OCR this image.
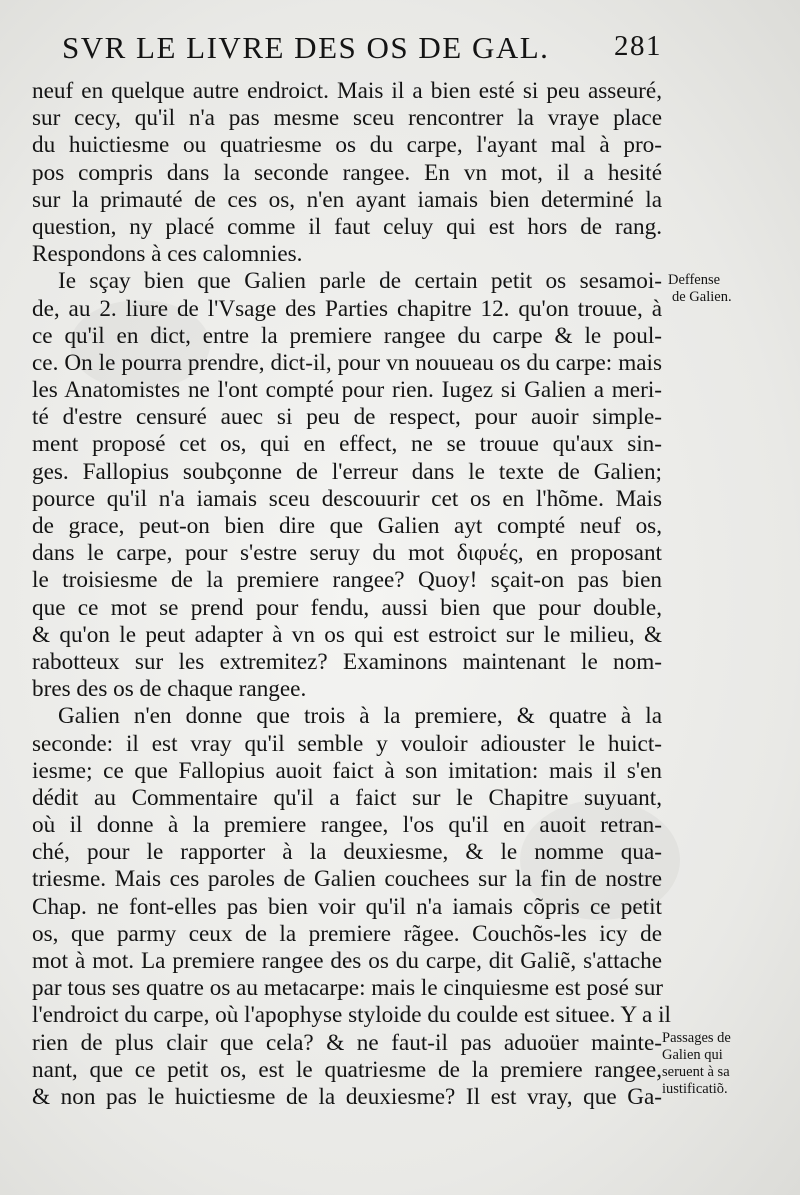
SVR LE LIVRE DES OS DE GAL. 281
neuf en quelque autre endroict. Mais il a bien esté si peu asseuré,
sur cecy, qu'il n'a pas mesme sceu rencontrer la vraye place
du huictiesme ou quatriesme os du carpe, l'ayant mal à pro-
pos compris dans la seconde rangee. En vn mot, il a hesité
sur la primauté de ces os, n'en ayant iamais bien determiné la
question, ny placé comme il faut celuy qui est hors de rang.
Respondons à ces calomnies.
Ie sçay bien que Galien parle de certain petit os sesamoi-
de, au 2. liure de l'Vsage des Parties chapitre 12. qu'on trouue, à
ce qu'il en dict, entre la premiere rangee du carpe & le poul-
ce. On le pourra prendre, dict-il, pour vn nouueau os du carpe: mais
les Anatomistes ne l'ont compté pour rien. Iugez si Galien a meri-
té d'estre censuré auec si peu de respect, pour auoir simple-
ment proposé cet os, qui en effect, ne se trouue qu'aux sin-
ges. Fallopius soubçonne de l'erreur dans le texte de Galien;
pource qu'il n'a iamais sceu descouurir cet os en l'hõme. Mais
de grace, peut-on bien dire que Galien ayt compté neuf os,
dans le carpe, pour s'estre seruy du mot διφυές, en proposant
le troisiesme de la premiere rangee? Quoy! sçait-on pas bien
que ce mot se prend pour fendu, aussi bien que pour double,
& qu'on le peut adapter à vn os qui est estroict sur le milieu, &
rabotteux sur les extremitez? Examinons maintenant le nom-
bres des os de chaque rangee.
Galien n'en donne que trois à la premiere, & quatre à la
seconde: il est vray qu'il semble y vouloir adiouster le huict-
iesme; ce que Fallopius auoit faict à son imitation: mais il s'en
dédit au Commentaire qu'il a faict sur le Chapitre suyuant,
où il donne à la premiere rangee, l'os qu'il en auoit retran-
ché, pour le rapporter à la deuxiesme, & le nomme qua-
triesme. Mais ces paroles de Galien couchees sur la fin de nostre
Chap. ne font-elles pas bien voir qu'il n'a iamais cõpris ce petit
os, que parmy ceux de la premiere rãgee. Couchõs-les icy de
mot à mot. La premiere rangee des os du carpe, dit Galiẽ, s'attache
par tous ses quatre os au metacarpe: mais le cinquiesme est posé sur
l'endroict du carpe, où l'apophyse styloide du coulde est situee. Y a il
rien de plus clair que cela? & ne faut-il pas aduoüer mainte-
nant, que ce petit os, est le quatriesme de la premiere rangee,
& non pas le huictiesme de la deuxiesme? Il est vray, que Ga-
Deffense
de Galien.
Passages de
Galien qui
seruent à sa
iustificatiõ.
